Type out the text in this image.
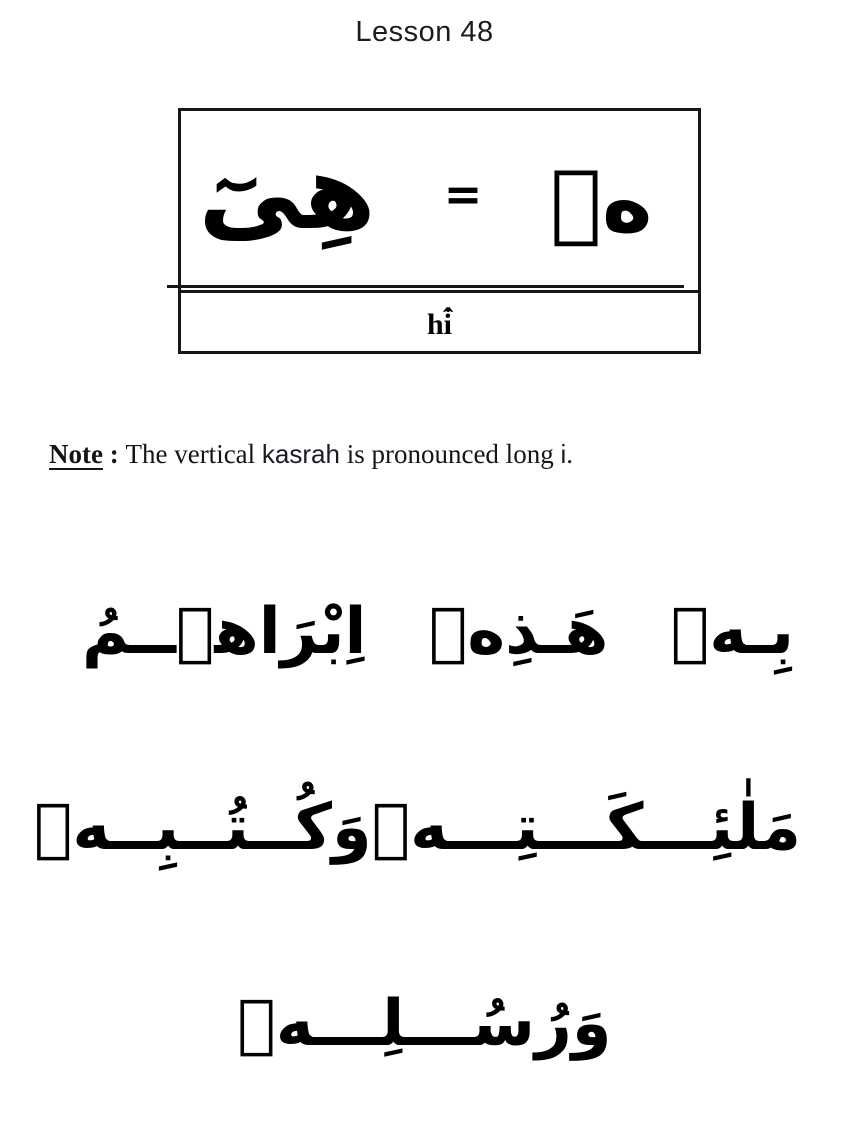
Lesson 48
هِىٓ = هٖ
hi̇̂

Note : The vertical kasrah is pronounced long i.

بِـهٖ
هَـذِهٖ
اِبْرَاهٖــمُ
مَلٰئِـــكَـــتِـــهٖ
وَكُــتُــبِــهٖ
وَرُسُـــلِـــهٖ
